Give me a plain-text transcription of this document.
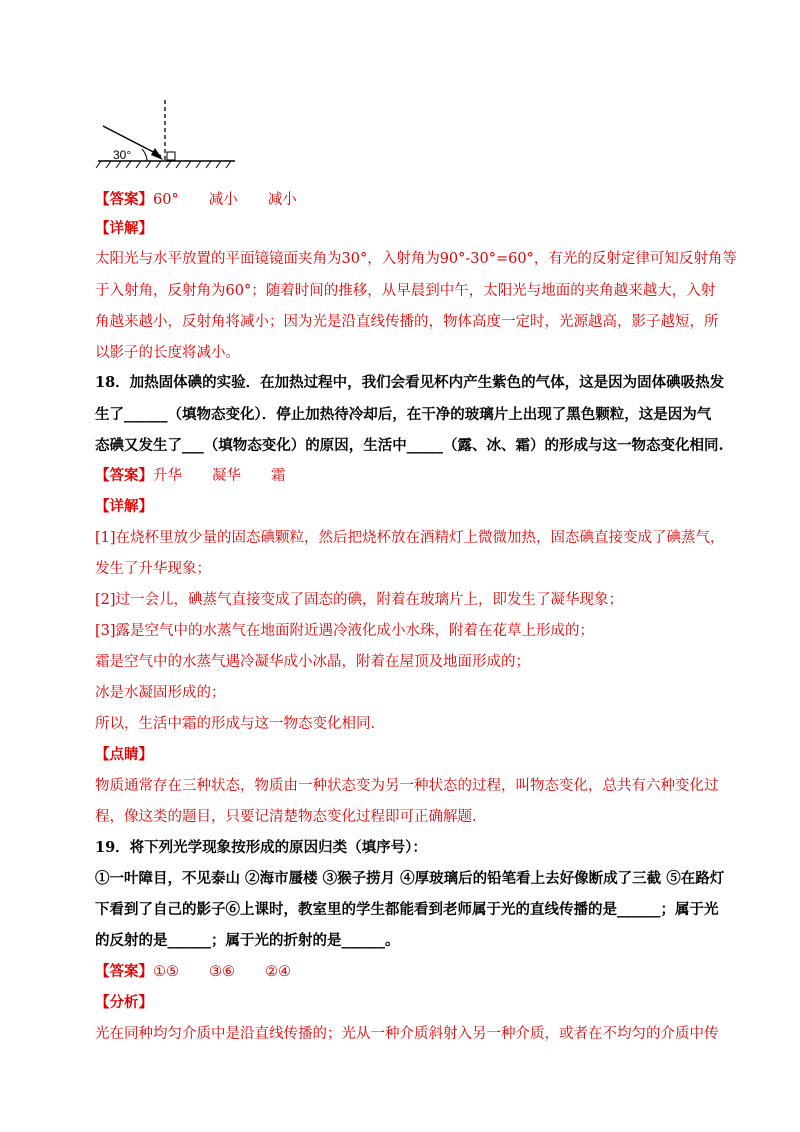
30°
【答案】60° 减小 减小
【详解】
太阳光与水平放置的平面镜镜面夹角为30°，入射角为90°-30°=60°，有光的反射定律可知反射角等
于入射角，反射角为60°；随着时间的推移，从早晨到中午，太阳光与地面的夹角越来越大，入射
角越来越小，反射角将减小；因为光是沿直线传播的，物体高度一定时，光源越高，影子越短，所
以影子的长度将减小。
18．加热固体碘的实验．在加热过程中，我们会看见杯内产生紫色的气体，这是因为固体碘吸热发
生了______（填物态变化）．停止加热待冷却后，在干净的玻璃片上出现了黑色颗粒，这是因为气
态碘又发生了___（填物态变化）的原因，生活中_____（露、冰、霜）的形成与这一物态变化相同.
【答案】升华 凝华 霜
【详解】
[1]在烧杯里放少量的固态碘颗粒，然后把烧杯放在酒精灯上微微加热，固态碘直接变成了碘蒸气，
发生了升华现象；
[2]过一会儿，碘蒸气直接变成了固态的碘，附着在玻璃片上，即发生了凝华现象；
[3]露是空气中的水蒸气在地面附近遇冷液化成小水珠，附着在花草上形成的；
霜是空气中的水蒸气遇冷凝华成小冰晶，附着在屋顶及地面形成的；
冰是水凝固形成的；
所以，生活中霜的形成与这一物态变化相同.
【点睛】
物质通常存在三种状态，物质由一种状态变为另一种状态的过程，叫物态变化，总共有六种变化过
程，像这类的题目，只要记清楚物态变化过程即可正确解题.
19．将下列光学现象按形成的原因归类（填序号）：
①一叶障目，不见泰山 ②海市蜃楼 ③猴子捞月 ④厚玻璃后的铅笔看上去好像断成了三截 ⑤在路灯
下看到了自己的影子⑥上课时，教室里的学生都能看到老师属于光的直线传播的是______；属于光
的反射的是______；属于光的折射的是______。
【答案】①⑤ ③⑥ ②④
【分析】
光在同种均匀介质中是沿直线传播的；光从一种介质斜射入另一种介质，或者在不均匀的介质中传
